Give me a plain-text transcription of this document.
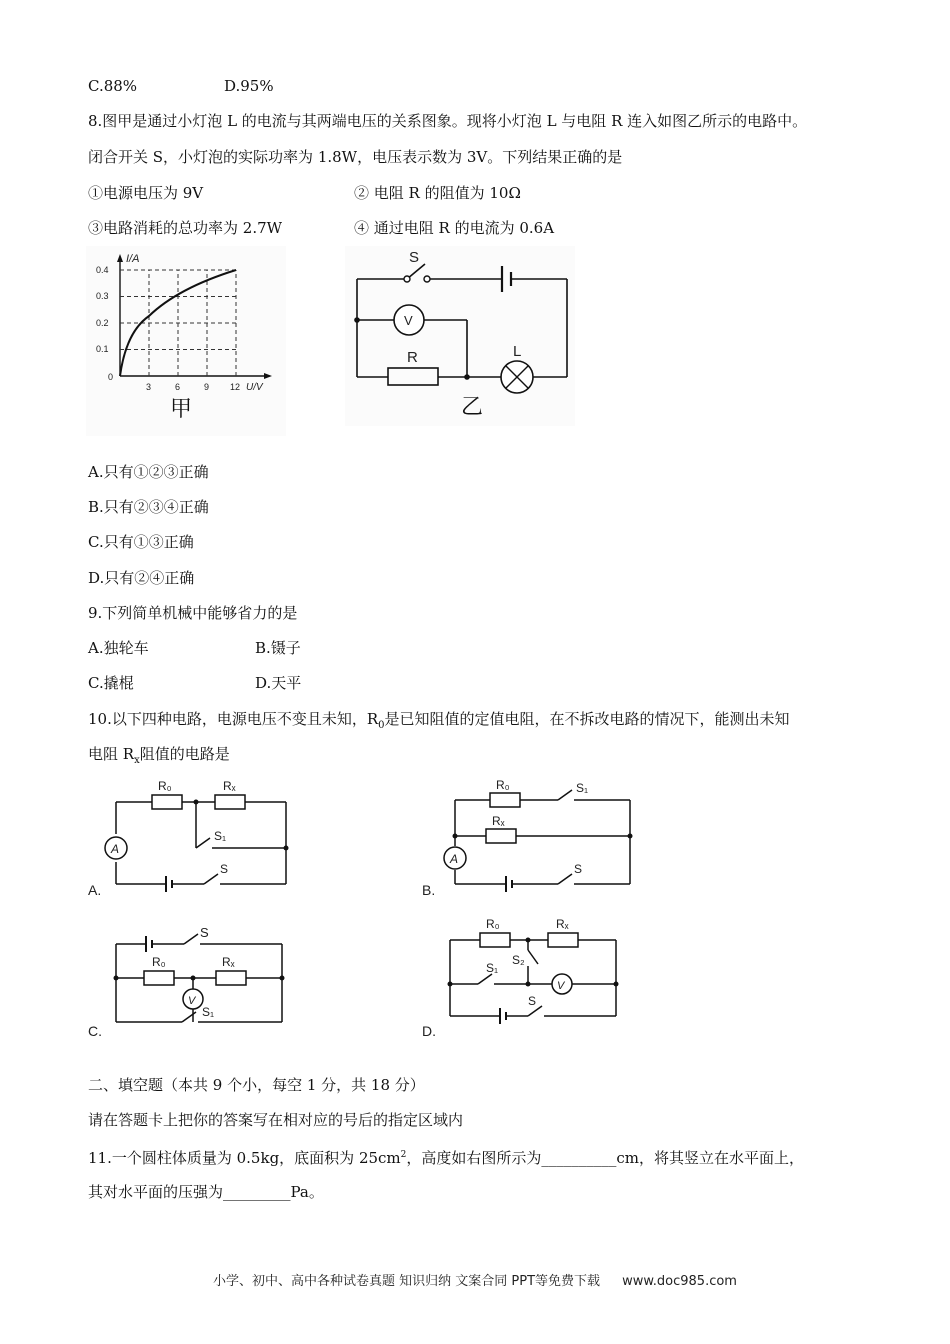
C.88%	D.95%
8.图甲是通过小灯泡 L 的电流与其两端电压的关系图象。现将小灯泡 L 与电阻 R 连入如图乙所示的电路中。
闭合开关 S，小灯泡的实际功率为 1.8W，电压表示数为 3V。下列结果正确的是
①电源电压为 9V	② 电阻 R 的阻值为 10Ω
③电路消耗的总功率为 2.7W	④ 通过电阻 R 的电流为 0.6A
I/A
U/V
0.4
0.3
0.2
0.1
0
3	6	9 12
甲
S
V
R	L
乙
A.只有①②③正确
B.只有②③④正确
C.只有①③正确
D.只有②④正确
9.下列简单机械中能够省力的是
A.独轮车	B.镊子
C.撬棍	D.天平
10.以下四种电路，电源电压不变且未知，$R_0$是已知阻值的定值电阻，在不拆改电路的情况下，能测出未知
电阻 $R_x$阻值的电路是
A.
A
R₀	Rₓ
S₁
S
B.
A
R₀
Rₓ
S₁
S
C.
V
S
R₀	Rₓ
S₁
D.
V
R₀	Rₓ
S₁
S₂
S
二、填空题（本共 9 个小，每空 1 分，共 18 分）
请在答题卡上把你的答案写在相对应的号后的指定区域内
11.一个圆柱体质量为 0.5kg，底面积为 $25cm^2$，高度如右图所示为__________cm，将其竖立在水平面上，
其对水平面的压强为_________Pa。
小学、初中、高中各种试卷真题 知识归纳 文案合同 PPT等免费下载 www.doc985.com
